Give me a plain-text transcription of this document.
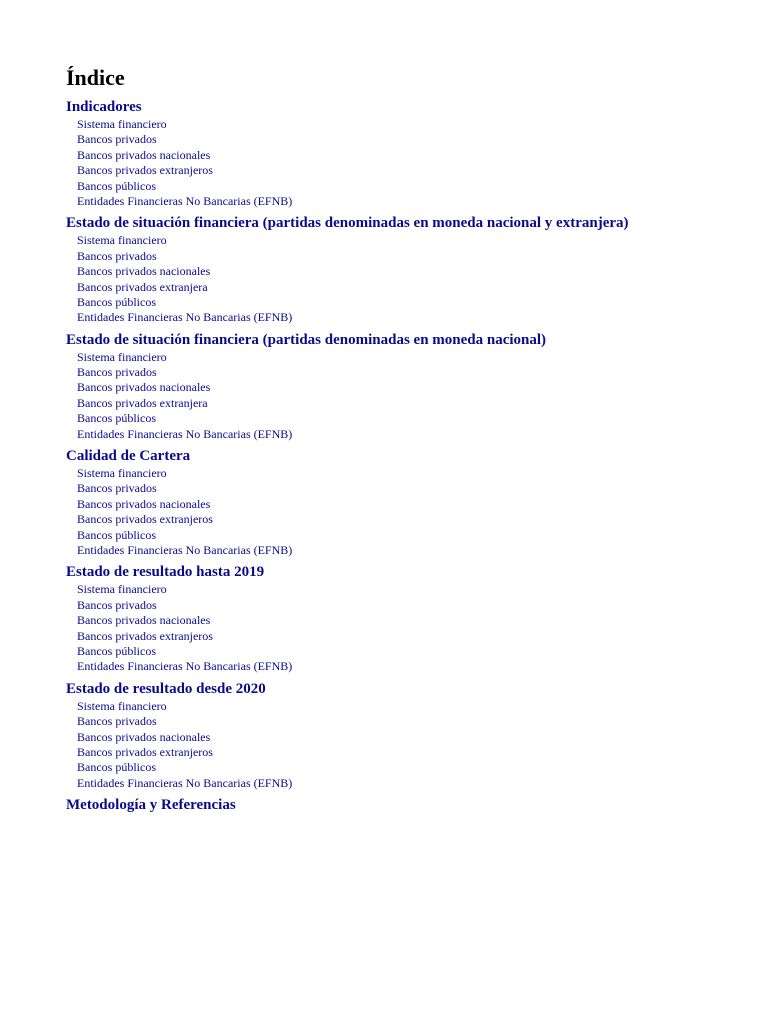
Índice
Indicadores
Sistema financiero
Bancos privados
Bancos privados nacionales
Bancos privados extranjeros
Bancos públicos
Entidades Financieras No Bancarias (EFNB)
Estado de situación financiera (partidas denominadas en moneda nacional y extranjera)
Sistema financiero
Bancos privados
Bancos privados nacionales
Bancos privados extranjera
Bancos públicos
Entidades Financieras No Bancarias (EFNB)
Estado de situación financiera (partidas denominadas en moneda nacional)
Sistema financiero
Bancos privados
Bancos privados nacionales
Bancos privados extranjera
Bancos públicos
Entidades Financieras No Bancarias (EFNB)
Calidad de Cartera
Sistema financiero
Bancos privados
Bancos privados nacionales
Bancos privados extranjeros
Bancos públicos
Entidades Financieras No Bancarias (EFNB)
Estado de resultado hasta 2019
Sistema financiero
Bancos privados
Bancos privados nacionales
Bancos privados extranjeros
Bancos públicos
Entidades Financieras No Bancarias (EFNB)
Estado de resultado desde 2020
Sistema financiero
Bancos privados
Bancos privados nacionales
Bancos privados extranjeros
Bancos públicos
Entidades Financieras No Bancarias (EFNB)
Metodología y Referencias
